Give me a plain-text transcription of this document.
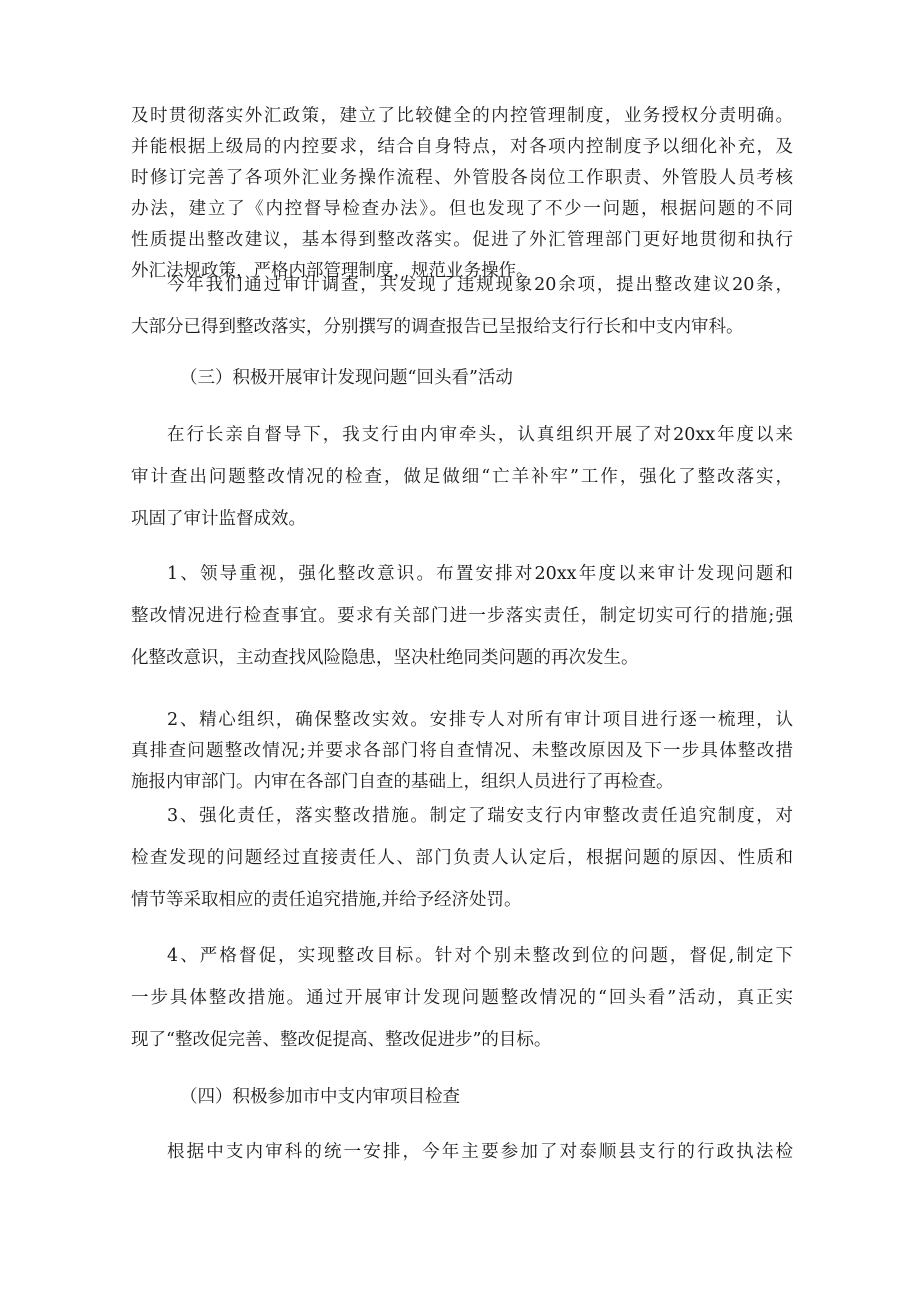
及时贯彻落实外汇政策，建立了比较健全的内控管理制度，业务授权分责明确。
并能根据上级局的内控要求，结合自身特点，对各项内控制度予以细化补充，及
时修订完善了各项外汇业务操作流程、外管股各岗位工作职责、外管股人员考核
办法，建立了《内控督导检查办法》。但也发现了不少一问题，根据问题的不同
性质提出整改建议，基本得到整改落实。促进了外汇管理部门更好地贯彻和执行
外汇法规政策，严格内部管理制度，规范业务操作。
今年我们通过审计调查，共发现了违规现象20余项，提出整改建议20条，
大部分已得到整改落实，分别撰写的调查报告已呈报给支行行长和中支内审科。

（三）积极开展审计发现问题“回头看”活动

在行长亲自督导下，我支行由内审牵头，认真组织开展了对20xx年度以来
审计查出问题整改情况的检查，做足做细“亡羊补牢”工作，强化了整改落实，
巩固了审计监督成效。
1、领导重视，强化整改意识。布置安排对20xx年度以来审计发现问题和
整改情况进行检查事宜。要求有关部门进一步落实责任，制定切实可行的措施;强
化整改意识，主动查找风险隐患，坚决杜绝同类问题的再次发生。
2、精心组织，确保整改实效。安排专人对所有审计项目进行逐一梳理，认
真排查问题整改情况;并要求各部门将自查情况、未整改原因及下一步具体整改措
施报内审部门。内审在各部门自查的基础上，组织人员进行了再检查。
3、强化责任，落实整改措施。制定了瑞安支行内审整改责任追究制度，对
检查发现的问题经过直接责任人、部门负责人认定后，根据问题的原因、性质和
情节等采取相应的责任追究措施,并给予经济处罚。
4、严格督促，实现整改目标。针对个别未整改到位的问题，督促,制定下
一步具体整改措施。通过开展审计发现问题整改情况的“回头看”活动，真正实
现了“整改促完善、整改促提高、整改促进步”的目标。

（四）积极参加市中支内审项目检查

根据中支内审科的统一安排，今年主要参加了对泰顺县支行的行政执法检
